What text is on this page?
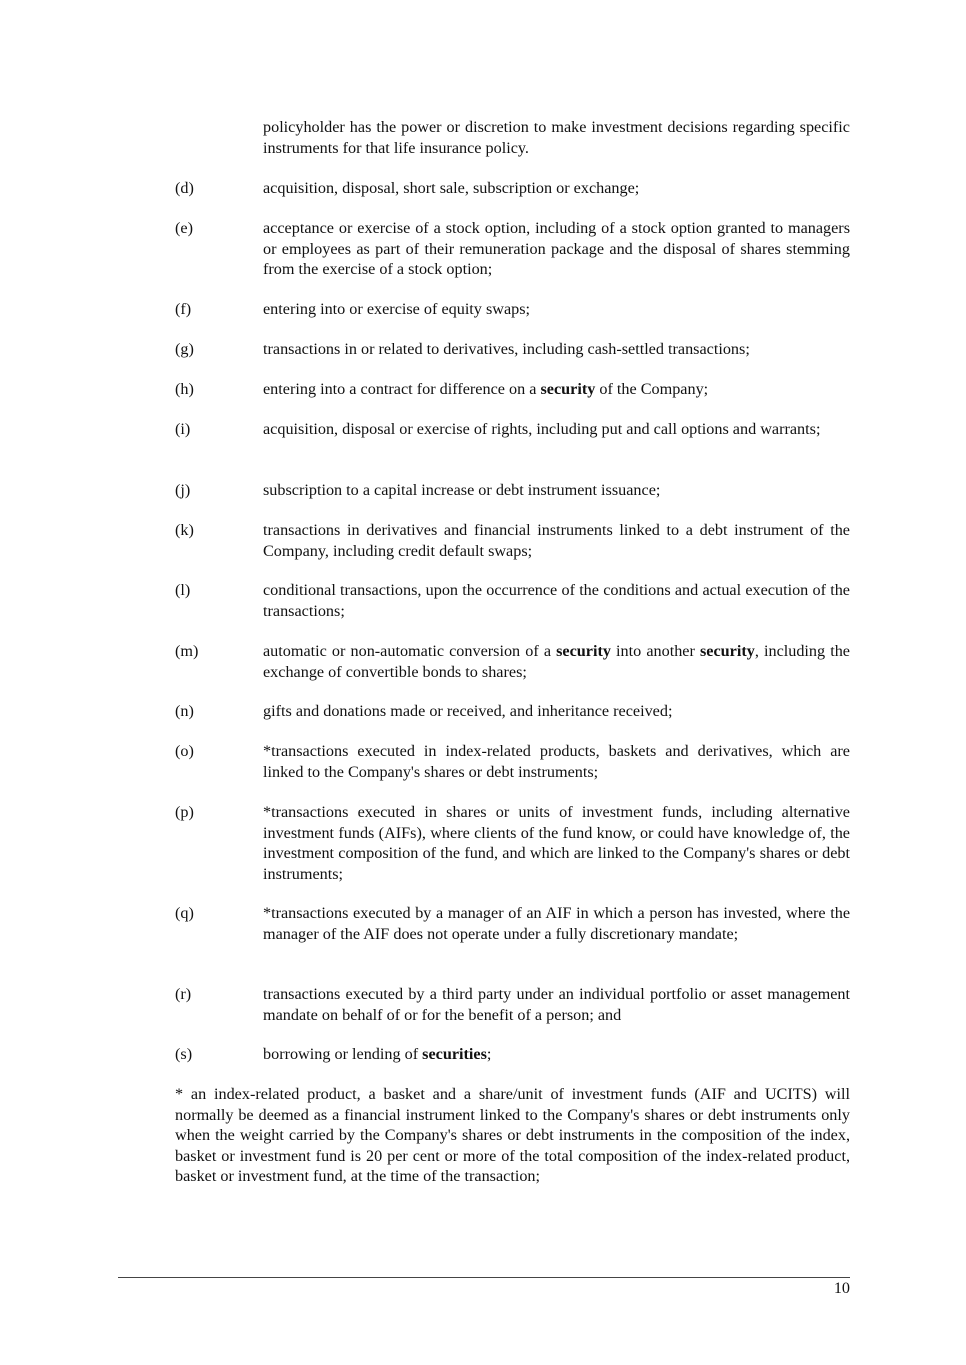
policyholder has the power or discretion to make investment decisions regarding specific instruments for that life insurance policy.

(d)	acquisition, disposal, short sale, subscription or exchange;
(e)	acceptance or exercise of a stock option, including of a stock option granted to managers or employees as part of their remuneration package and the disposal of shares stemming from the exercise of a stock option;
(f)	entering into or exercise of equity swaps;
(g)	transactions in or related to derivatives, including cash-settled transactions;
(h)	entering into a contract for difference on a security of the Company;
(i)	acquisition, disposal or exercise of rights, including put and call options and warrants;
(j)	subscription to a capital increase or debt instrument issuance;
(k)	transactions in derivatives and financial instruments linked to a debt instrument of the Company, including credit default swaps;
(l)	conditional transactions, upon the occurrence of the conditions and actual execution of the transactions;
(m)	automatic or non-automatic conversion of a security into another security, including the exchange of convertible bonds to shares;
(n)	gifts and donations made or received, and inheritance received;
(o)	*transactions executed in index-related products, baskets and derivatives, which are linked to the Company's shares or debt instruments;
(p)	*transactions executed in shares or units of investment funds, including alternative investment funds (AIFs), where clients of the fund know, or could have knowledge of, the investment composition of the fund, and which are linked to the Company's shares or debt instruments;
(q)	*transactions executed by a manager of an AIF in which a person has invested, where the manager of the AIF does not operate under a fully discretionary mandate;
(r)	transactions executed by a third party under an individual portfolio or asset management mandate on behalf of or for the benefit of a person; and
(s)	borrowing or lending of securities;

* an index-related product, a basket and a share/unit of investment funds (AIF and UCITS) will normally be deemed as a financial instrument linked to the Company's shares or debt instruments only when the weight carried by the Company's shares or debt instruments in the composition of the index, basket or investment fund is 20 per cent or more of the total composition of the index-related product, basket or investment fund, at the time of the transaction;

10
